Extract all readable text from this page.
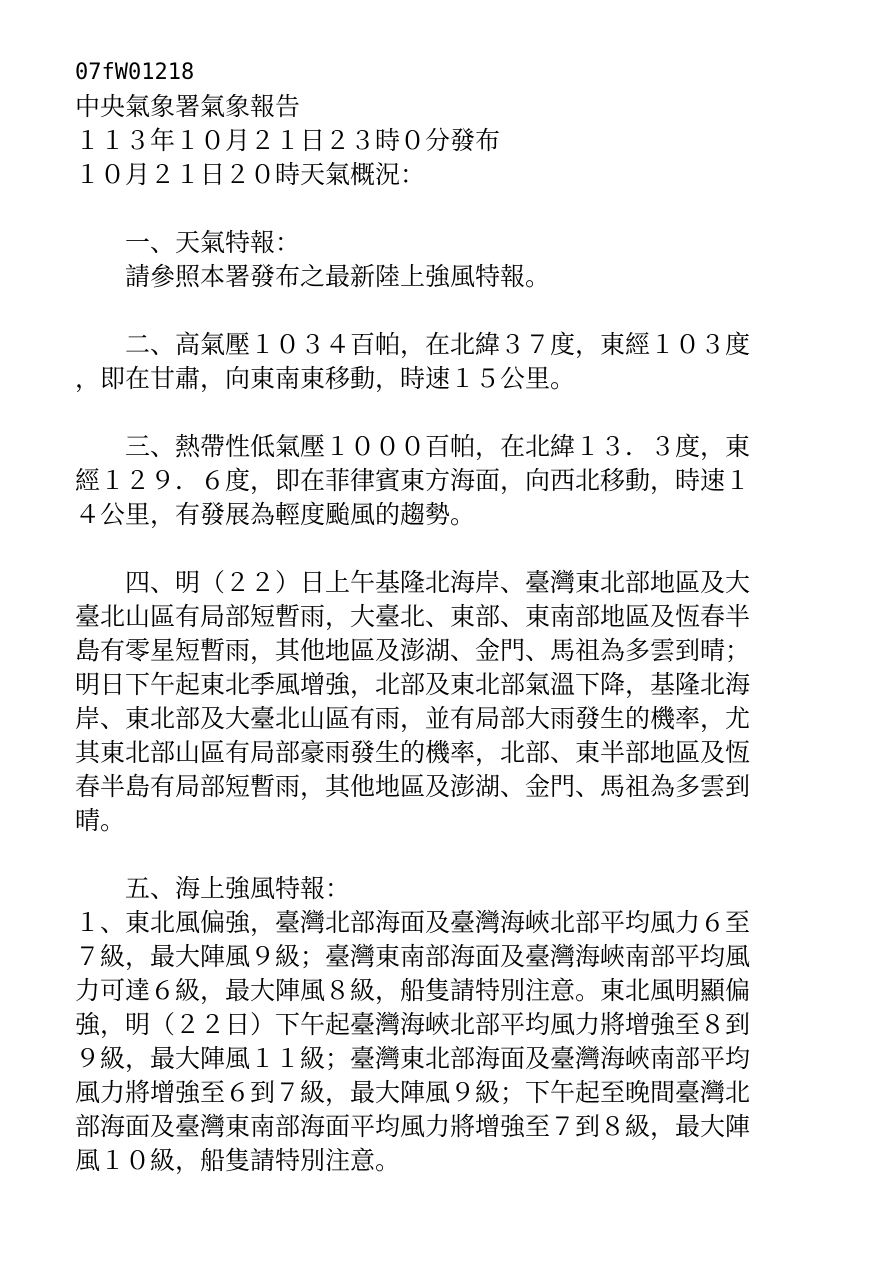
07fW01218
中央氣象署氣象報告
１１３年１０月２１日２３時０分發布
１０月２１日２０時天氣概況：
　　一、天氣特報：
　　請參照本署發布之最新陸上強風特報。
　　二、高氣壓１０３４百帕，在北緯３７度，東經１０３度
，即在甘肅，向東南東移動，時速１５公里。
　　三、熱帶性低氣壓１０００百帕，在北緯１３．３度，東
經１２９．６度，即在菲律賓東方海面，向西北移動，時速１
４公里，有發展為輕度颱風的趨勢。
　　四、明（２２）日上午基隆北海岸、臺灣東北部地區及大
臺北山區有局部短暫雨，大臺北、東部、東南部地區及恆春半
島有零星短暫雨，其他地區及澎湖、金門、馬祖為多雲到晴；
明日下午起東北季風增強，北部及東北部氣溫下降，基隆北海
岸、東北部及大臺北山區有雨，並有局部大雨發生的機率，尤
其東北部山區有局部豪雨發生的機率，北部、東半部地區及恆
春半島有局部短暫雨，其他地區及澎湖、金門、馬祖為多雲到
晴。
　　五、海上強風特報：
１、東北風偏強，臺灣北部海面及臺灣海峽北部平均風力６至
７級，最大陣風９級；臺灣東南部海面及臺灣海峽南部平均風
力可達６級，最大陣風８級，船隻請特別注意。東北風明顯偏
強，明（２２日）下午起臺灣海峽北部平均風力將增強至８到
９級，最大陣風１１級；臺灣東北部海面及臺灣海峽南部平均
風力將增強至６到７級，最大陣風９級；下午起至晚間臺灣北
部海面及臺灣東南部海面平均風力將增強至７到８級，最大陣
風１０級，船隻請特別注意。
